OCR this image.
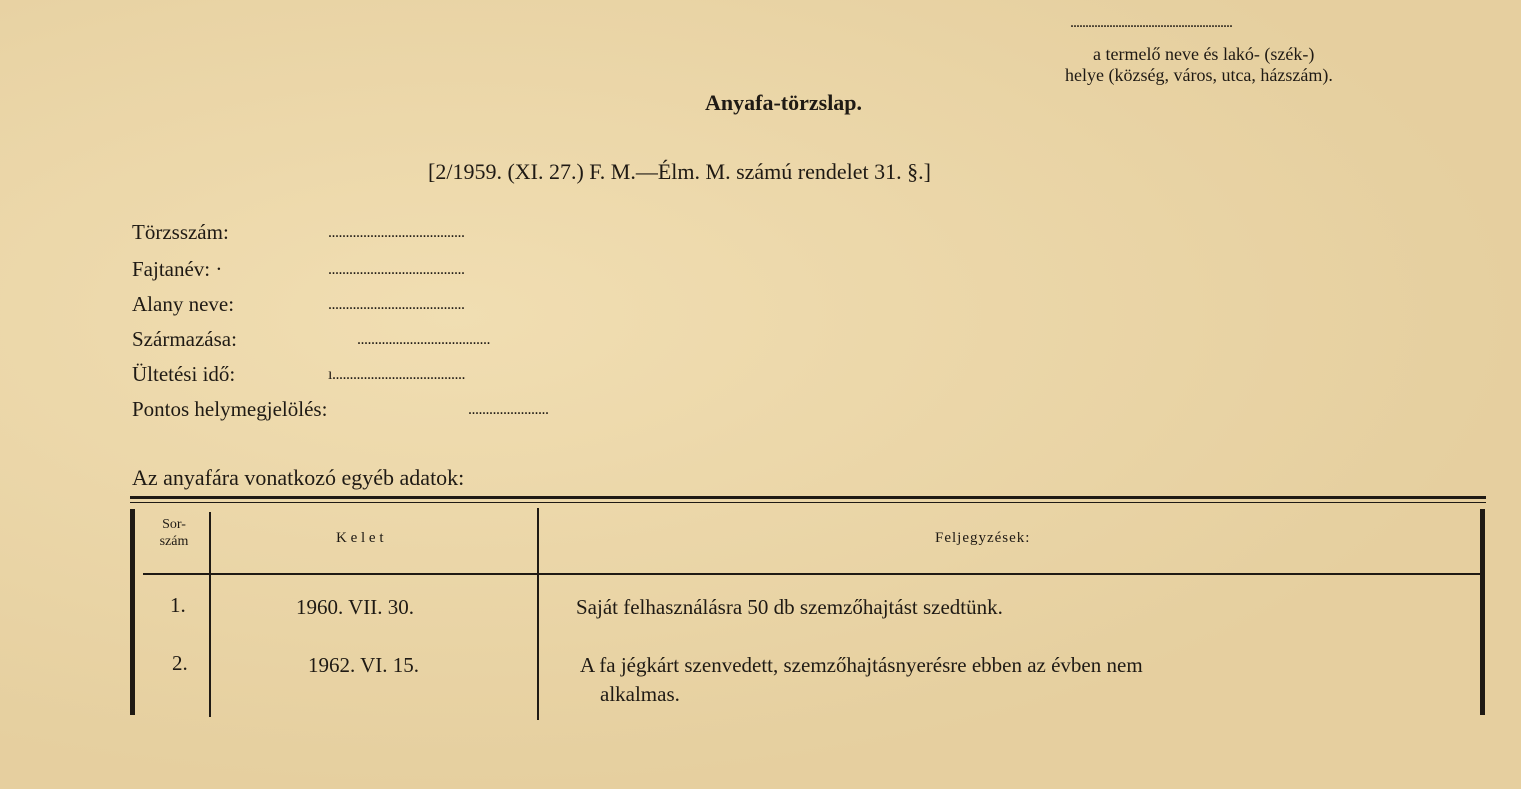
......................................................
a termelő neve és lakó- (szék-)
helye (község, város, utca, házszám).
Anyafa-törzslap.
[2/1959. (XI. 27.) F. M.—Élm. M. számú rendelet 31. §.]
Törzsszám:	.......................................
Fajtanév: ·	.......................................
Alany neve:	.......................................
Származása:	......................................
Ültetési idő:	ı......................................
Pontos helymegjelölés:	.......................
Az anyafára vonatkozó egyéb adatok:
Sor-
szám	K e l e t	Feljegyzések:
1.	1960. VII. 30.	Saját felhasználásra 50 db szemzőhajtást szedtünk.
2.	1962. VI. 15.	A fa jégkárt szenvedett, szemzőhajtásnyerésre ebben az évben nem
alkalmas.
